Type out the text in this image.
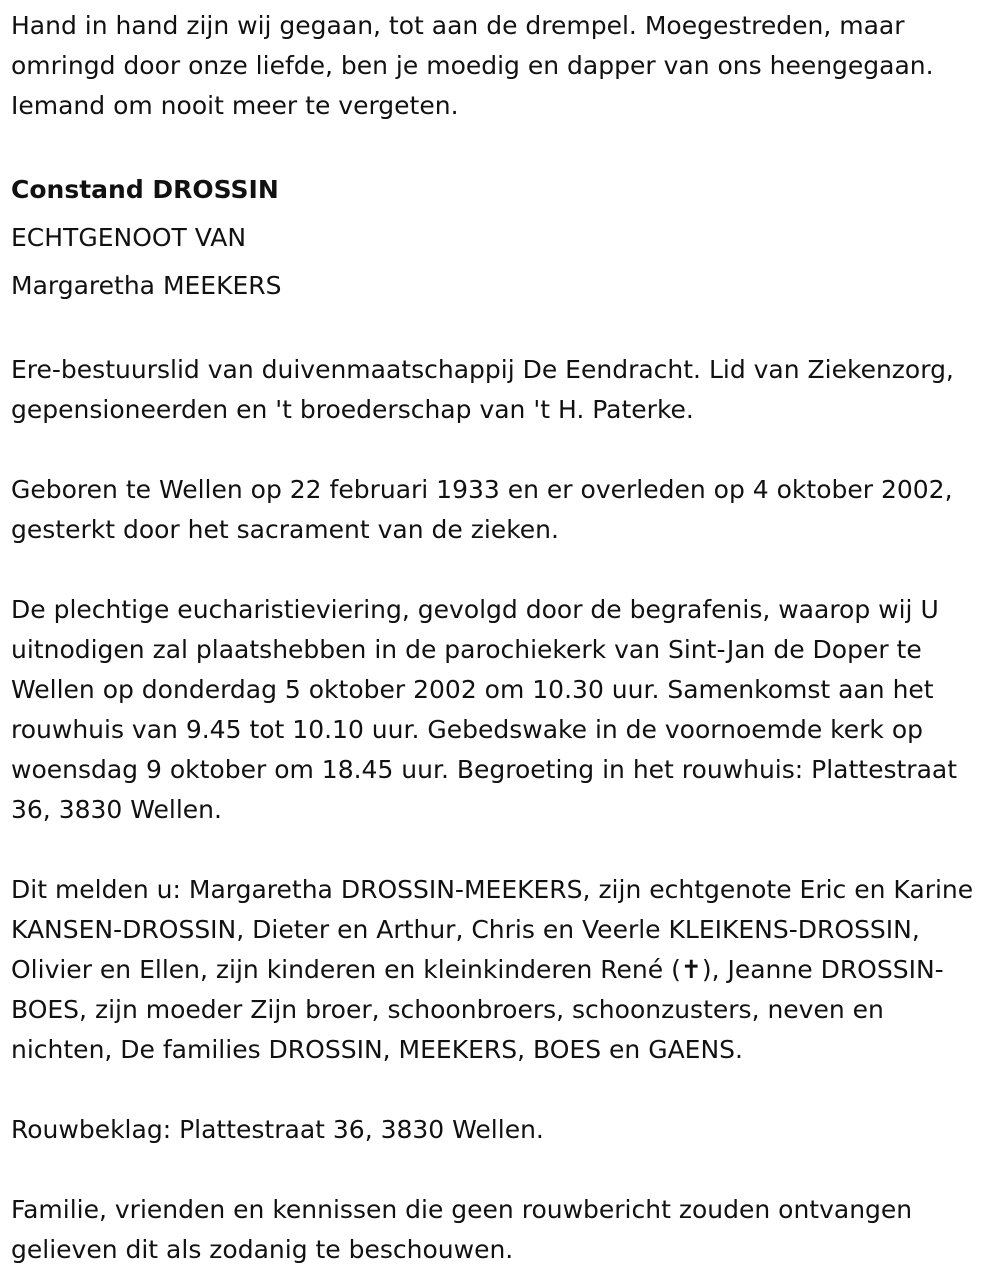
Hand in hand zijn wij gegaan, tot aan de drempel. Moegestreden, maar omringd door onze liefde, ben je moedig en dapper van ons heengegaan. Iemand om nooit meer te vergeten.

Constand DROSSIN
ECHTGENOOT VAN
Margaretha MEEKERS

Ere-bestuurslid van duivenmaatschappij De Eendracht. Lid van Ziekenzorg, gepensioneerden en 't broederschap van 't H. Paterke.

Geboren te Wellen op 22 februari 1933 en er overleden op 4 oktober 2002, gesterkt door het sacrament van de zieken.

De plechtige eucharistieviering, gevolgd door de begrafenis, waarop wij U uitnodigen zal plaatshebben in de parochiekerk van Sint-Jan de Doper te Wellen op donderdag 5 oktober 2002 om 10.30 uur. Samenkomst aan het rouwhuis van 9.45 tot 10.10 uur. Gebedswake in de voornoemde kerk op woensdag 9 oktober om 18.45 uur. Begroeting in het rouwhuis: Plattestraat 36, 3830 Wellen.

Dit melden u: Margaretha DROSSIN-MEEKERS, zijn echtgenote Eric en Karine KANSEN-DROSSIN, Dieter en Arthur, Chris en Veerle KLEIKENS-DROSSIN, Olivier en Ellen, zijn kinderen en kleinkinderen René (✝), Jeanne DROSSIN-BOES, zijn moeder Zijn broer, schoonbroers, schoonzusters, neven en nichten, De families DROSSIN, MEEKERS, BOES en GAENS.

Rouwbeklag: Plattestraat 36, 3830 Wellen.

Familie, vrienden en kennissen die geen rouwbericht zouden ontvangen gelieven dit als zodanig te beschouwen.
